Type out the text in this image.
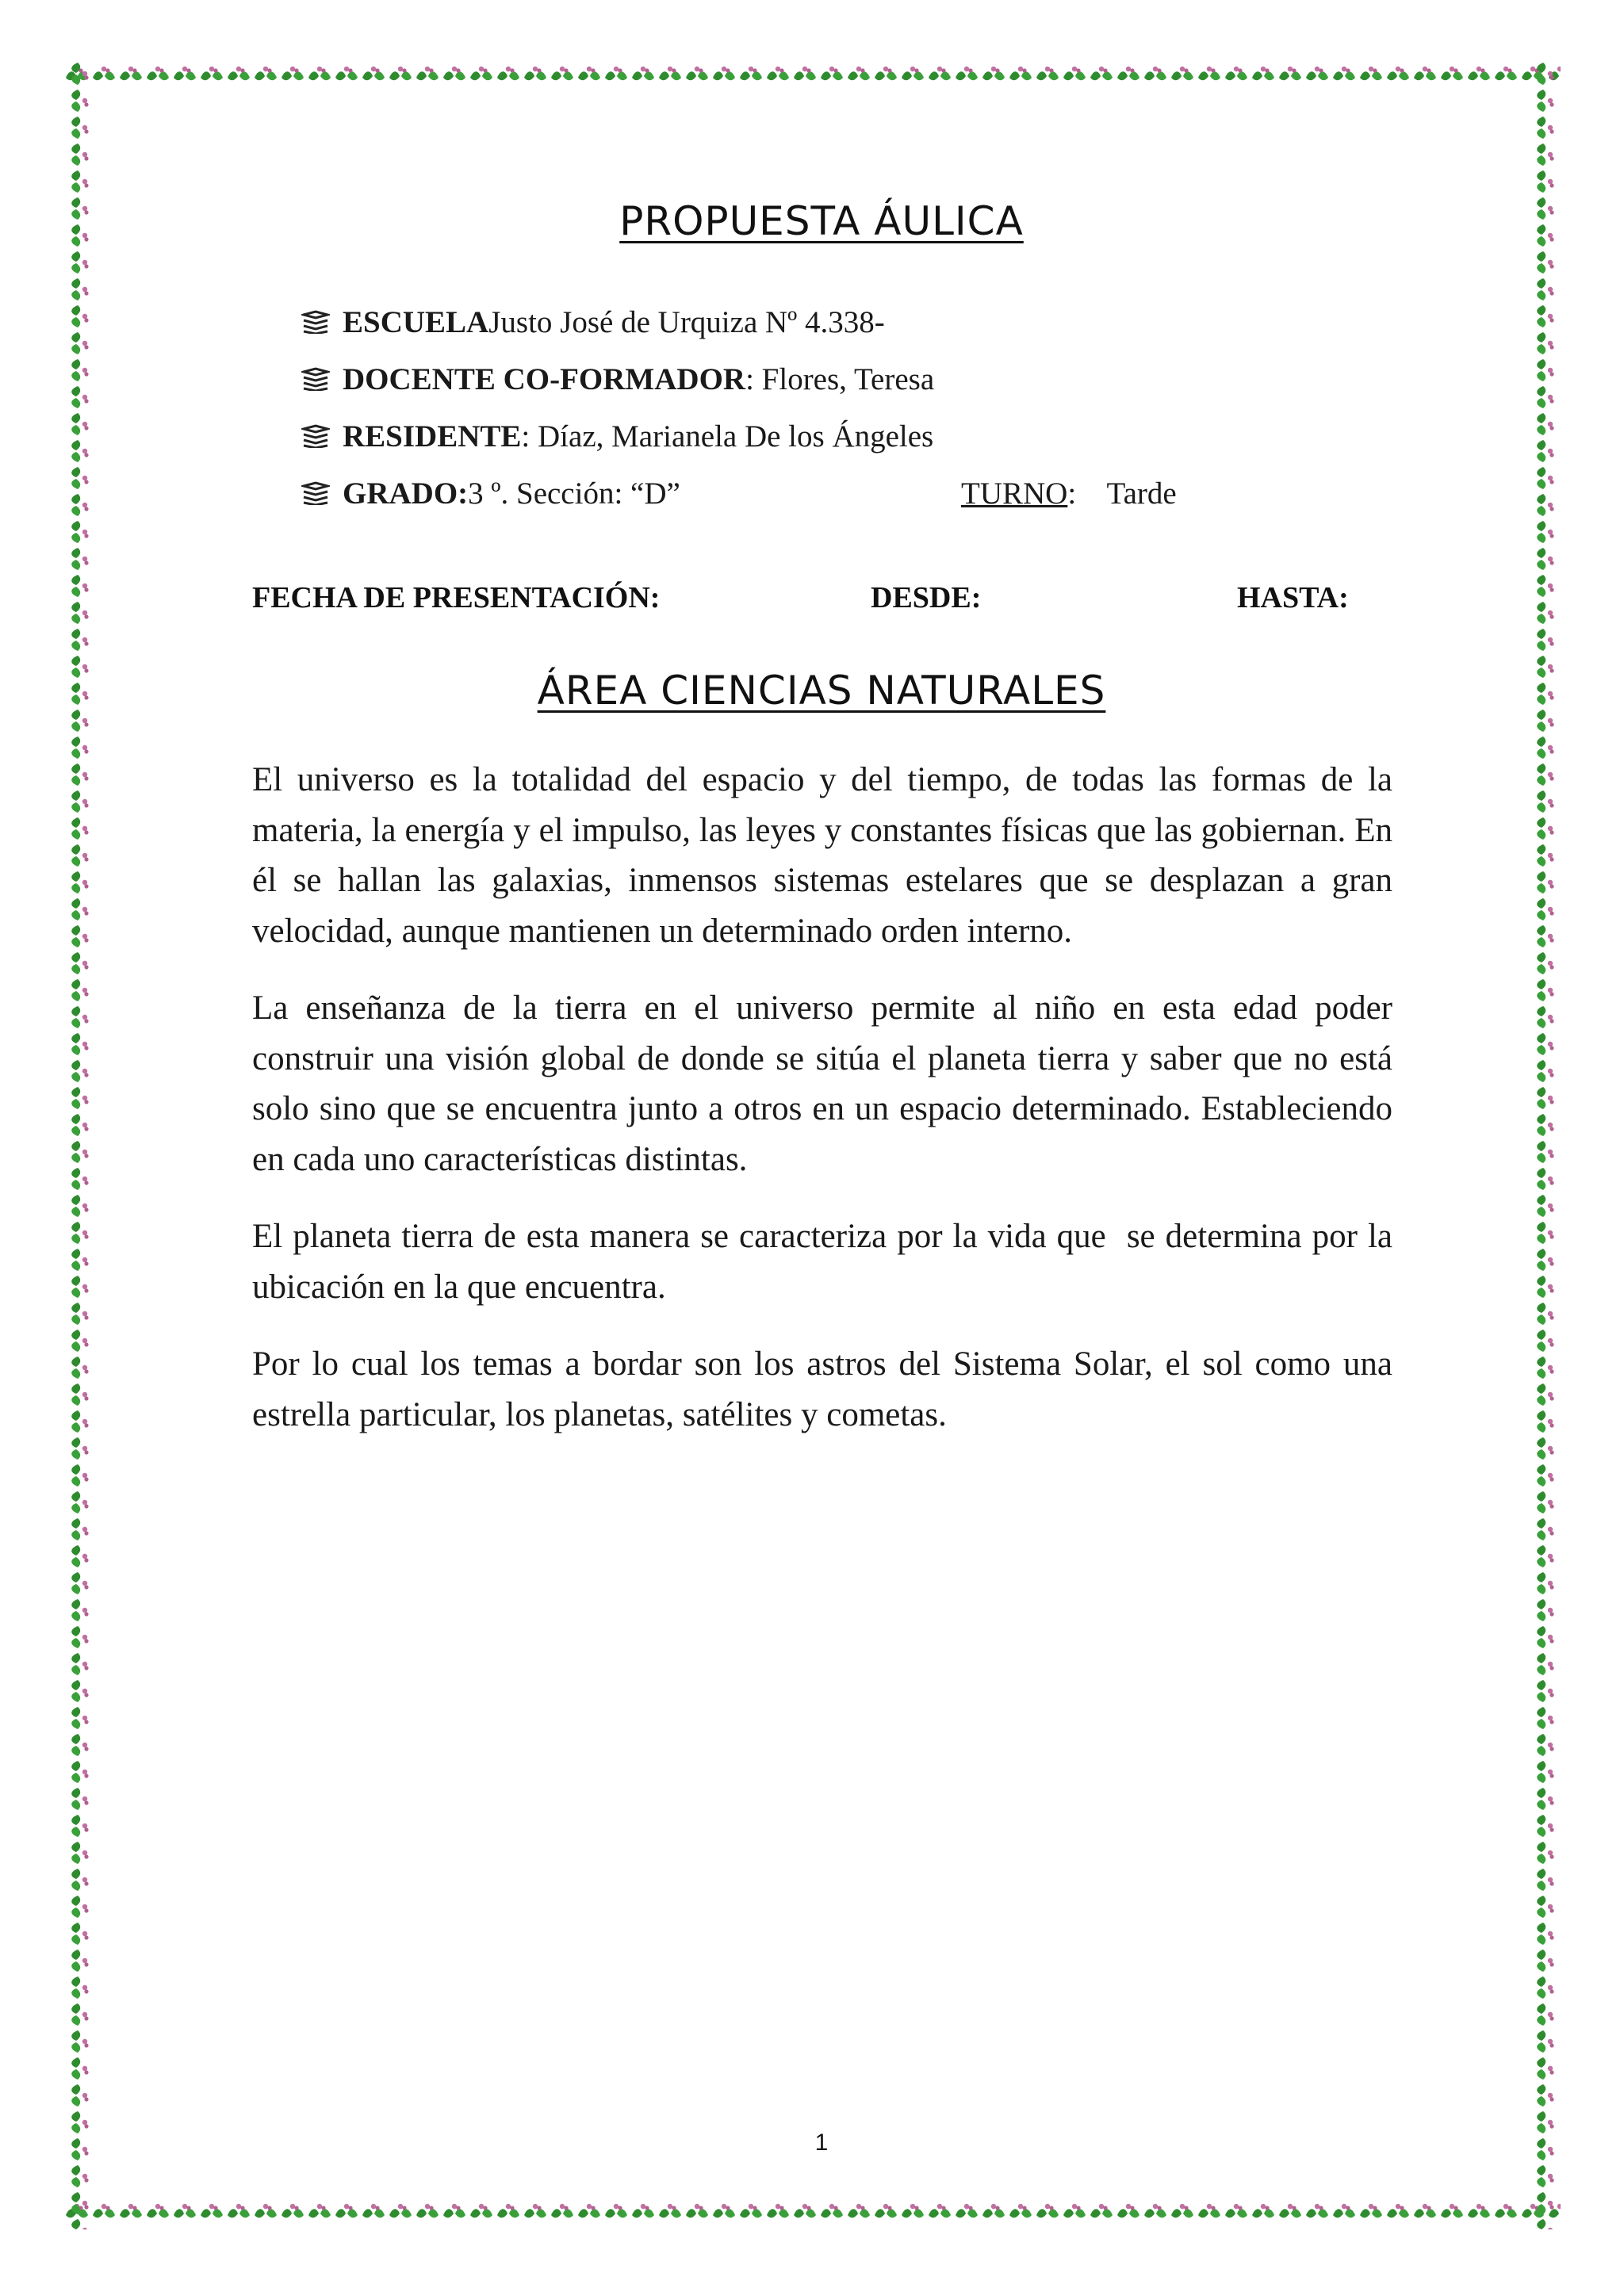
PROPUESTA ÁULICA
ESCUELA Justo José de Urquiza Nº 4.338-
DOCENTE CO-FORMADOR : Flores, Teresa
RESIDENTE : Díaz, Marianela De los Ángeles
GRADO: 3 º. Sección: “D”	TURNO:    Tarde
FECHA DE PRESENTACIÓN:	DESDE:	HASTA:
ÁREA CIENCIAS NATURALES

El universo es la totalidad del espacio y del tiempo, de todas las formas de la materia, la energía y el impulso, las leyes y constantes físicas que las gobiernan. En él se hallan las galaxias, inmensos sistemas estelares que se desplazan a gran velocidad, aunque mantienen un determinado orden interno.

La enseñanza de la tierra en el universo permite al niño en esta edad poder construir una visión global de donde se sitúa el planeta tierra y saber que no está solo sino que se encuentra junto a otros en un espacio determinado. Estableciendo en cada uno características distintas.

El planeta tierra de esta manera se caracteriza por la vida que  se determina por la ubicación en la que encuentra.

Por lo cual los temas a bordar son los astros del Sistema Solar, el sol como una estrella particular, los planetas, satélites y cometas.

1
